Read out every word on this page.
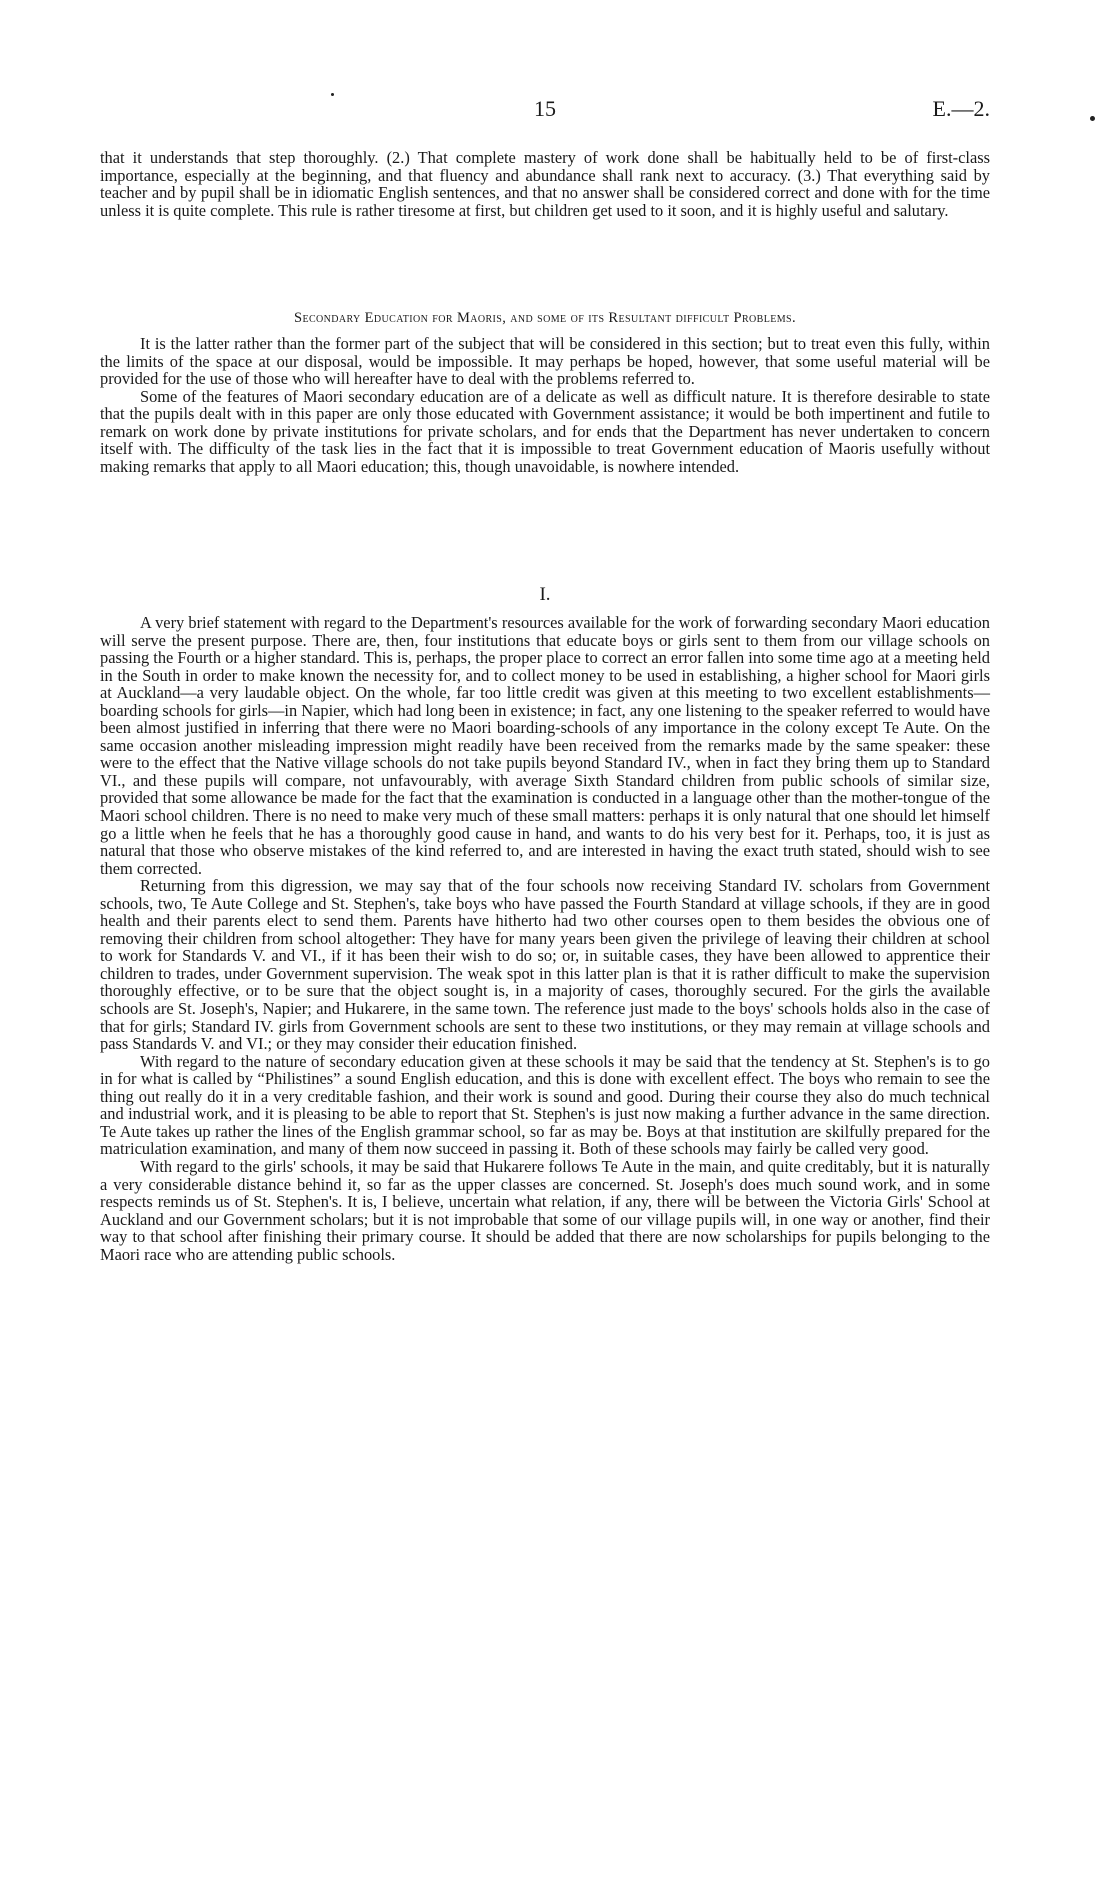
15	E.—2.

that it understands that step thoroughly. (2.) That complete mastery of work done shall be habitually held to be of first-class importance, especially at the beginning, and that fluency and abundance shall rank next to accuracy. (3.) That everything said by teacher and by pupil shall be in idiomatic English sentences, and that no answer shall be considered correct and done with for the time unless it is quite complete. This rule is rather tiresome at first, but children get used to it soon, and it is highly useful and salutary.

Secondary Education for Maoris, and some of its Resultant difficult Problems.

It is the latter rather than the former part of the subject that will be considered in this section; but to treat even this fully, within the limits of the space at our disposal, would be impossible. It may perhaps be hoped, however, that some useful material will be provided for the use of those who will hereafter have to deal with the problems referred to.

Some of the features of Maori secondary education are of a delicate as well as difficult nature. It is therefore desirable to state that the pupils dealt with in this paper are only those educated with Government assistance; it would be both impertinent and futile to remark on work done by private institutions for private scholars, and for ends that the Department has never undertaken to concern itself with. The difficulty of the task lies in the fact that it is impossible to treat Government education of Maoris usefully without making remarks that apply to all Maori education; this, though unavoidable, is nowhere intended.

I.

A very brief statement with regard to the Department's resources available for the work of forwarding secondary Maori education will serve the present purpose. There are, then, four institutions that educate boys or girls sent to them from our village schools on passing the Fourth or a higher standard. This is, perhaps, the proper place to correct an error fallen into some time ago at a meeting held in the South in order to make known the necessity for, and to collect money to be used in establishing, a higher school for Maori girls at Auckland—a very laudable object. On the whole, far too little credit was given at this meeting to two excellent establishments—boarding schools for girls—in Napier, which had long been in existence; in fact, any one listening to the speaker referred to would have been almost justified in inferring that there were no Maori boarding-schools of any importance in the colony except Te Aute. On the same occasion another misleading impression might readily have been received from the remarks made by the same speaker: these were to the effect that the Native village schools do not take pupils beyond Standard IV., when in fact they bring them up to Standard VI., and these pupils will compare, not unfavourably, with average Sixth Standard children from public schools of similar size, provided that some allowance be made for the fact that the examination is conducted in a language other than the mother-tongue of the Maori school children. There is no need to make very much of these small matters: perhaps it is only natural that one should let himself go a little when he feels that he has a thoroughly good cause in hand, and wants to do his very best for it. Perhaps, too, it is just as natural that those who observe mistakes of the kind referred to, and are interested in having the exact truth stated, should wish to see them corrected.

Returning from this digression, we may say that of the four schools now receiving Standard IV. scholars from Government schools, two, Te Aute College and St. Stephen's, take boys who have passed the Fourth Standard at village schools, if they are in good health and their parents elect to send them. Parents have hitherto had two other courses open to them besides the obvious one of removing their children from school altogether: They have for many years been given the privilege of leaving their children at school to work for Standards V. and VI., if it has been their wish to do so; or, in suitable cases, they have been allowed to apprentice their children to trades, under Government supervision. The weak spot in this latter plan is that it is rather difficult to make the supervision thoroughly effective, or to be sure that the object sought is, in a majority of cases, thoroughly secured. For the girls the available schools are St. Joseph's, Napier; and Hukarere, in the same town. The reference just made to the boys' schools holds also in the case of that for girls; Standard IV. girls from Government schools are sent to these two institutions, or they may remain at village schools and pass Standards V. and VI.; or they may consider their education finished.

With regard to the nature of secondary education given at these schools it may be said that the tendency at St. Stephen's is to go in for what is called by “Philistines” a sound English education, and this is done with excellent effect. The boys who remain to see the thing out really do it in a very creditable fashion, and their work is sound and good. During their course they also do much technical and industrial work, and it is pleasing to be able to report that St. Stephen's is just now making a further advance in the same direction. Te Aute takes up rather the lines of the English grammar school, so far as may be. Boys at that institution are skilfully prepared for the matriculation examination, and many of them now succeed in passing it. Both of these schools may fairly be called very good.

With regard to the girls' schools, it may be said that Hukarere follows Te Aute in the main, and quite creditably, but it is naturally a very considerable distance behind it, so far as the upper classes are concerned. St. Joseph's does much sound work, and in some respects reminds us of St. Stephen's. It is, I believe, uncertain what relation, if any, there will be between the Victoria Girls' School at Auckland and our Government scholars; but it is not improbable that some of our village pupils will, in one way or another, find their way to that school after finishing their primary course. It should be added that there are now scholarships for pupils belonging to the Maori race who are attending public schools.
